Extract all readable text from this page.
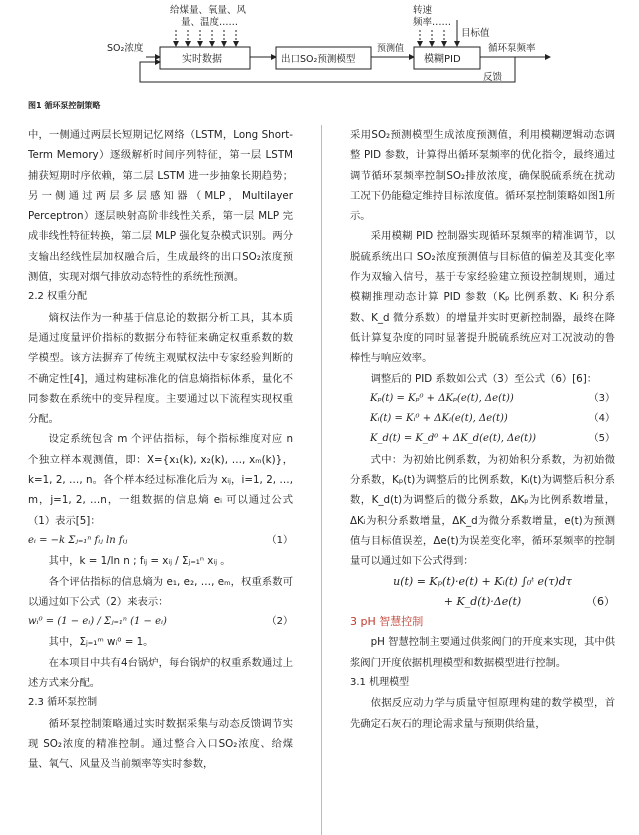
给煤量、氧量、风
量、温度……
SO₂浓度
实时数据	出口SO₂预测模型
预测值
模糊PID
转速
频率……
目标值
循环泵频率
反馈
图1 循环泵控制策略

中，一侧通过两层长短期记忆网络（LSTM，Long Short-Term Memory）逐级解析时间序列特征，第一层 LSTM 捕获短期时序依赖，第二层 LSTM 进一步抽象长期趋势；另一侧通过两层多层感知器（MLP，Multilayer Perceptron）逐层映射高阶非线性关系，第一层 MLP 完成非线性特征转换，第二层 MLP 强化复杂模式识别。两分支输出经线性层加权融合后，生成最终的出口SO₂浓度预测值，实现对烟气排放动态特性的系统性预测。

2.2 权重分配

熵权法作为一种基于信息论的数据分析工具，其本质是通过度量评价指标的数据分布特征来确定权重系数的数学模型。该方法摒弃了传统主观赋权法中专家经验判断的不确定性[4]，通过构建标准化的信息熵指标体系，量化不同参数在系统中的变异程度。主要通过以下流程实现权重分配。

设定系统包含 m 个评估指标，每个指标维度对应 n 个独立样本观测值，即：X={x₁(k), x₂(k), …, xₘ(k)}，k=1, 2, …, n。各个样本经过标准化后为 xᵢⱼ，i=1, 2, …, m，j=1, 2, …n，一组数据的信息熵 eᵢ 可以通过公式（1）表示[5]：

eᵢ = −k Σⱼ₌₁ⁿ fᵢⱼ ln fᵢⱼ	（1）

其中，k = 1/ln n ; fᵢⱼ = xᵢⱼ / Σⱼ₌₁ⁿ xᵢⱼ 。

各个评估指标的信息熵为 e₁, e₂, …, eₘ，权重系数可以通过如下公式（2）来表示：

wᵢ⁰ = (1 − eᵢ) / Σⱼ₌₁ⁿ (1 − eᵢ)	（2）

其中，Σⱼ₌₁ᵐ wᵢ⁰ = 1。

在本项目中共有4台锅炉，每台锅炉的权重系数通过上述方式来分配。

2.3 循环泵控制

循环泵控制策略通过实时数据采集与动态反馈调节实现 SO₂浓度的精准控制。通过整合入口SO₂浓度、给煤量、氧气、风量及当前频率等实时参数，

采用SO₂预测模型生成浓度预测值，利用模糊逻辑动态调整 PID 参数，计算得出循环泵频率的优化指令，最终通过调节循环泵频率控制SO₂排放浓度，确保脱硫系统在扰动工况下仍能稳定维持目标浓度值。循环泵控制策略如图1所示。

采用模糊 PID 控制器实现循环泵频率的精准调节，以脱硫系统出口 SO₂浓度预测值与目标值的偏差及其变化率作为双输入信号，基于专家经验建立预设控制规则，通过模糊推理动态计算 PID 参数（Kₚ 比例系数、Kᵢ 积分系数、K_d 微分系数）的增量并实时更新控制器，最终在降低计算复杂度的同时显著提升脱硫系统应对工况波动的鲁棒性与响应效率。

调整后的 PID 系数如公式（3）至公式（6）[6]：

Kₚ(t) = Kₚ⁰ + ΔKₚ(e(t), Δe(t))	（3）
Kᵢ(t) = Kᵢ⁰ + ΔKᵢ(e(t), Δe(t))	（4）
K_d(t) = K_d⁰ + ΔK_d(e(t), Δe(t))	（5）

式中：为初始比例系数，为初始积分系数，为初始微分系数，Kₚ(t)为调整后的比例系数，Kᵢ(t)为调整后积分系数，K_d(t)为调整后的微分系数，ΔKₚ为比例系数增量，ΔKᵢ为积分系数增量，ΔK_d为微分系数增量，e(t)为预测值与目标值误差，Δe(t)为误差变化率，循环泵频率的控制量可以通过如下公式得到：

u(t) = Kₚ(t)·e(t) + Kᵢ(t) ∫₀ᵗ e(τ)dτ
+ K_d(t)·Δe(t)	（6）

3 pH 智慧控制

pH 智慧控制主要通过供浆阀门的开度来实现，其中供浆阀门开度依据机理模型和数据模型进行控制。

3.1 机理模型

依据反应动力学与质量守恒原理构建的数学模型，首先确定石灰石的理论需求量与预期供给量，
